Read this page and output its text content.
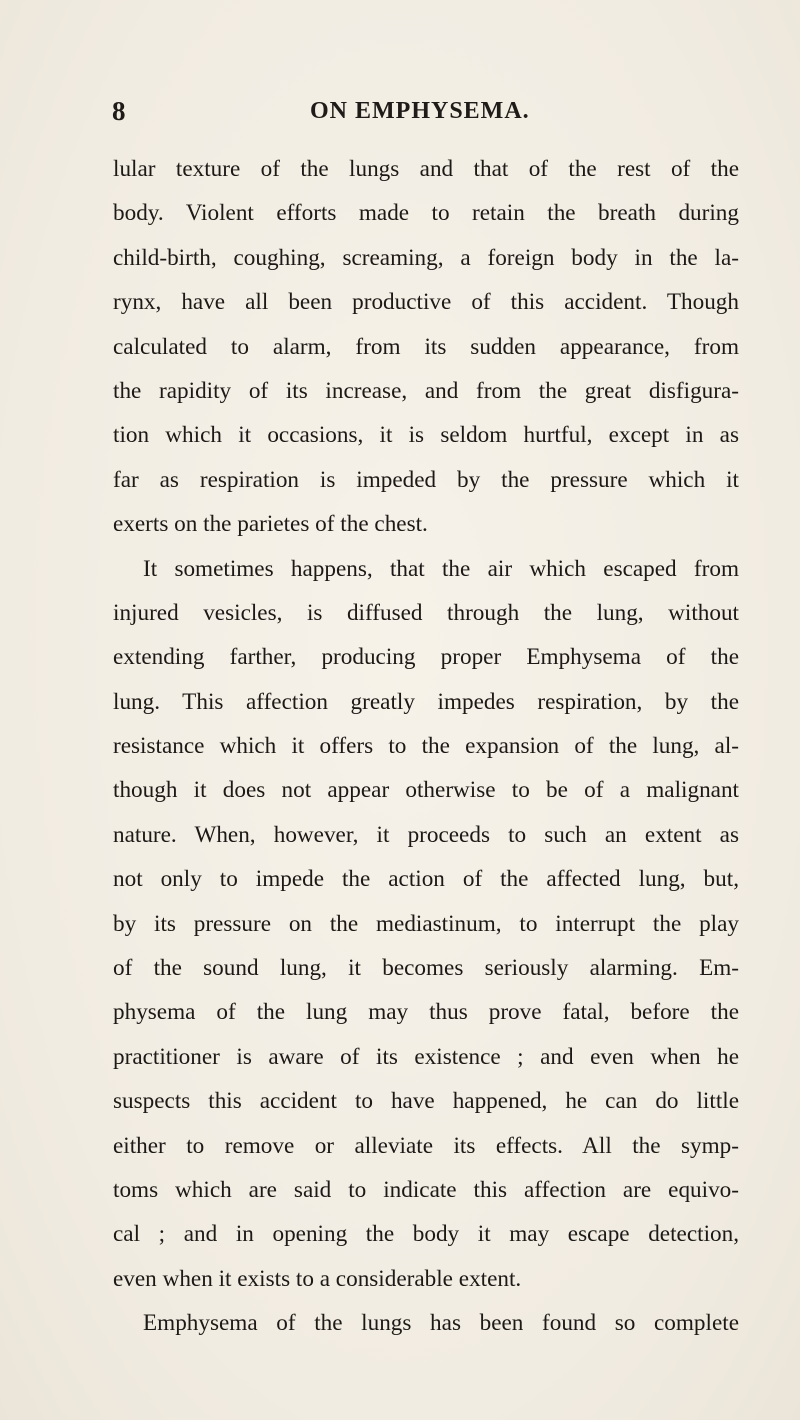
8	ON EMPHYSEMA.
lular texture of the lungs and that of the rest of the
body. Violent efforts made to retain the breath during
child-birth, coughing, screaming, a foreign body in the la-
rynx, have all been productive of this accident. Though
calculated to alarm, from its sudden appearance, from
the rapidity of its increase, and from the great disfigura-
tion which it occasions, it is seldom hurtful, except in as
far as respiration is impeded by the pressure which it
exerts on the parietes of the chest.
It sometimes happens, that the air which escaped from
injured vesicles, is diffused through the lung, without
extending farther, producing proper Emphysema of the
lung. This affection greatly impedes respiration, by the
resistance which it offers to the expansion of the lung, al-
though it does not appear otherwise to be of a malignant
nature. When, however, it proceeds to such an extent as
not only to impede the action of the affected lung, but,
by its pressure on the mediastinum, to interrupt the play
of the sound lung, it becomes seriously alarming. Em-
physema of the lung may thus prove fatal, before the
practitioner is aware of its existence ; and even when he
suspects this accident to have happened, he can do little
either to remove or alleviate its effects. All the symp-
toms which are said to indicate this affection are equivo-
cal ; and in opening the body it may escape detection,
even when it exists to a considerable extent.
Emphysema of the lungs has been found so complete
